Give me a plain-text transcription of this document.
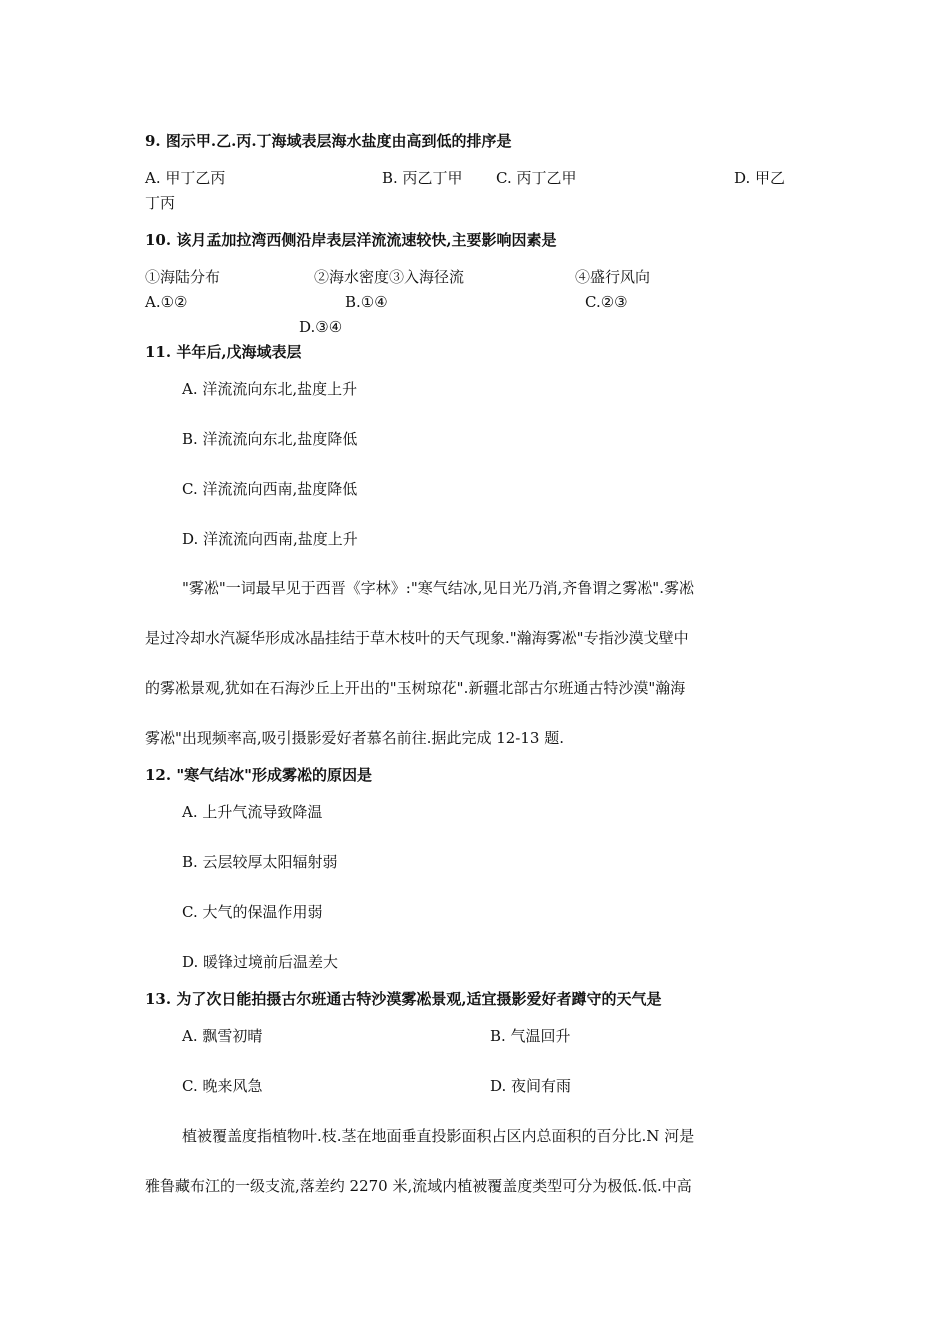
9. 图示甲.乙.丙.丁海域表层海水盐度由高到低的排序是
A. 甲丁乙丙	B. 丙乙丁甲 C. 丙丁乙甲	D. 甲乙
丁丙
10. 该月孟加拉湾西侧沿岸表层洋流流速较快,主要影响因素是
①海陆分布	②海水密度③入海径流	④盛行风向
A.①②	B.①④	C.②③
D.③④
11. 半年后,戊海域表层
A. 洋流流向东北,盐度上升
B. 洋流流向东北,盐度降低
C. 洋流流向西南,盐度降低
D. 洋流流向西南,盐度上升
"雾凇"一词最早见于西晋《字林》:"寒气结冰,见日光乃消,齐鲁谓之雾凇".雾凇
是过冷却水汽凝华形成冰晶挂结于草木枝叶的天气现象."瀚海雾凇"专指沙漠戈壁中
的雾凇景观,犹如在石海沙丘上开出的"玉树琼花".新疆北部古尔班通古特沙漠"瀚海
雾凇"出现频率高,吸引摄影爱好者慕名前往.据此完成 12-13 题.
12. "寒气结冰"形成雾凇的原因是
A. 上升气流导致降温
B. 云层较厚太阳辐射弱
C. 大气的保温作用弱
D. 暖锋过境前后温差大
13. 为了次日能拍摄古尔班通古特沙漠雾凇景观,适宜摄影爱好者蹲守的天气是
A. 飘雪初晴	B. 气温回升
C. 晚来风急	D. 夜间有雨
植被覆盖度指植物叶.枝.茎在地面垂直投影面积占区内总面积的百分比.N 河是
雅鲁藏布江的一级支流,落差约 2270 米,流域内植被覆盖度类型可分为极低.低.中高
